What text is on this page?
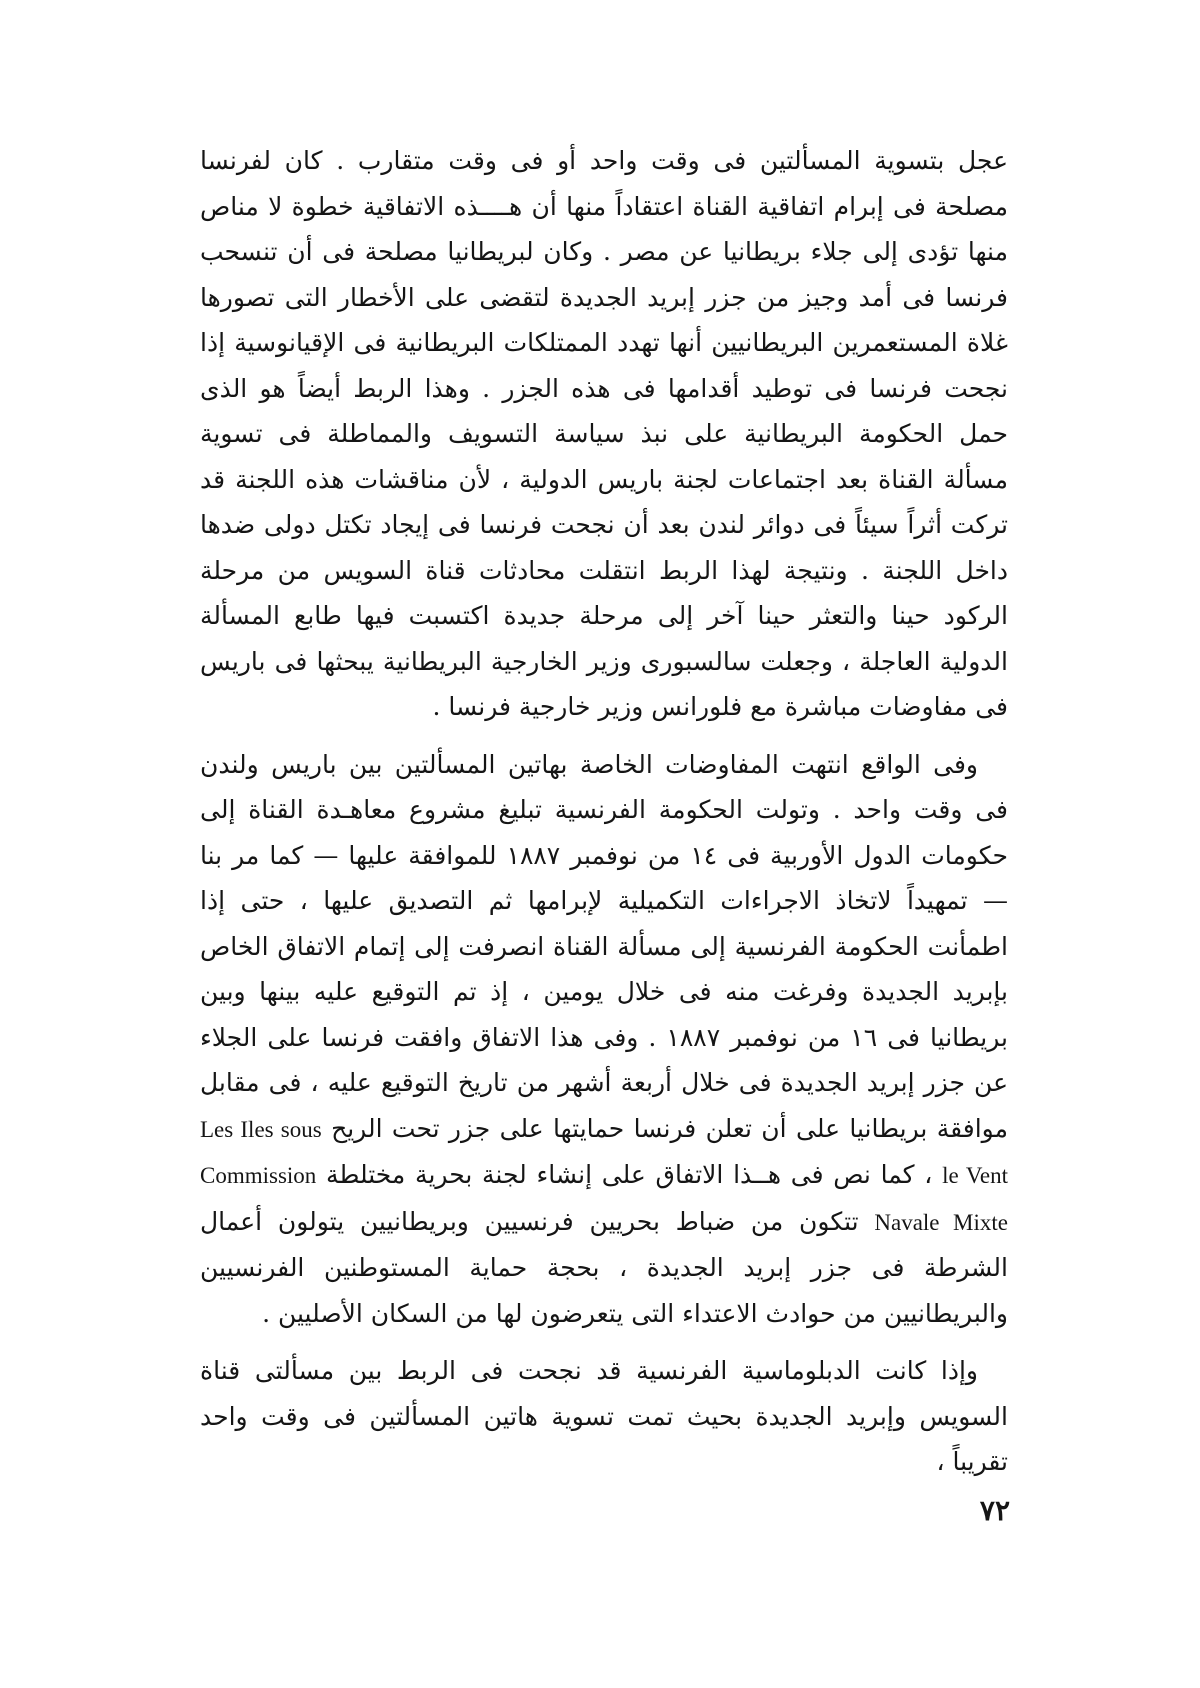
عجل بتسوية المسألتين فى وقت واحد أو فى وقت متقارب . كان لفرنسا مصلحة فى إبرام اتفاقية القناة اعتقاداً منها أن هــــذه الاتفاقية خطوة لا مناص منها تؤدى إلى جلاء بريطانيا عن مصر . وكان لبريطانيا مصلحة فى أن تنسحب فرنسا فى أمد وجيز من جزر إبريد الجديدة لتقضى على الأخطار التى تصورها غلاة المستعمرين البريطانيين أنها تهدد الممتلكات البريطانية فى الإقيانوسية إذا نجحت فرنسا فى توطيد أقدامها فى هذه الجزر . وهذا الربط أيضاً هو الذى حمل الحكومة البريطانية على نبذ سياسة التسويف والمماطلة فى تسوية مسألة القناة بعد اجتماعات لجنة باريس الدولية ، لأن مناقشات هذه اللجنة قد تركت أثراً سيئاً فى دوائر لندن بعد أن نجحت فرنسا فى إيجاد تكتل دولى ضدها داخل اللجنة . ونتيجة لهذا الربط انتقلت محادثات قناة السويس من مرحلة الركود حينا والتعثر حينا آخر إلى مرحلة جديدة اكتسبت فيها طابع المسألة الدولية العاجلة ، وجعلت سالسبورى وزير الخارجية البريطانية يبحثها فى باريس فى مفاوضات مباشرة مع فلورانس وزير خارجية فرنسا .

وفى الواقع انتهت المفاوضات الخاصة بهاتين المسألتين بين باريس ولندن فى وقت واحد . وتولت الحكومة الفرنسية تبليغ مشروع معاهـدة القناة إلى حكومات الدول الأوربية فى ١٤ من نوفمبر ١٨٨٧ للموافقة عليها — كما مر بنا — تمهيداً لاتخاذ الاجراءات التكميلية لإبرامها ثم التصديق عليها ، حتى إذا اطمأنت الحكومة الفرنسية إلى مسألة القناة انصرفت إلى إتمام الاتفاق الخاص بإبريد الجديدة وفرغت منه فى خلال يومين ، إذ تم التوقيع عليه بينها وبين بريطانيا فى ١٦ من نوفمبر ١٨٨٧ . وفى هذا الاتفاق وافقت فرنسا على الجلاء عن جزر إبريد الجديدة فى خلال أربعة أشهر من تاريخ التوقيع عليه ، فى مقابل موافقة بريطانيا على أن تعلن فرنسا حمايتها على جزر تحت الريح Les Iles sous le Vent ، كما نص فى هــذا الاتفاق على إنشاء لجنة بحرية مختلطة Commission Navale Mixte تتكون من ضباط بحريين فرنسيين وبريطانيين يتولون أعمال الشرطة فى جزر إبريد الجديدة ، بحجة حماية المستوطنين الفرنسيين والبريطانيين من حوادث الاعتداء التى يتعرضون لها من السكان الأصليين .

وإذا كانت الدبلوماسية الفرنسية قد نجحت فى الربط بين مسألتى قناة السويس وإبريد الجديدة بحيث تمت تسوية هاتين المسألتين فى وقت واحد تقريباً ،

٧٢
